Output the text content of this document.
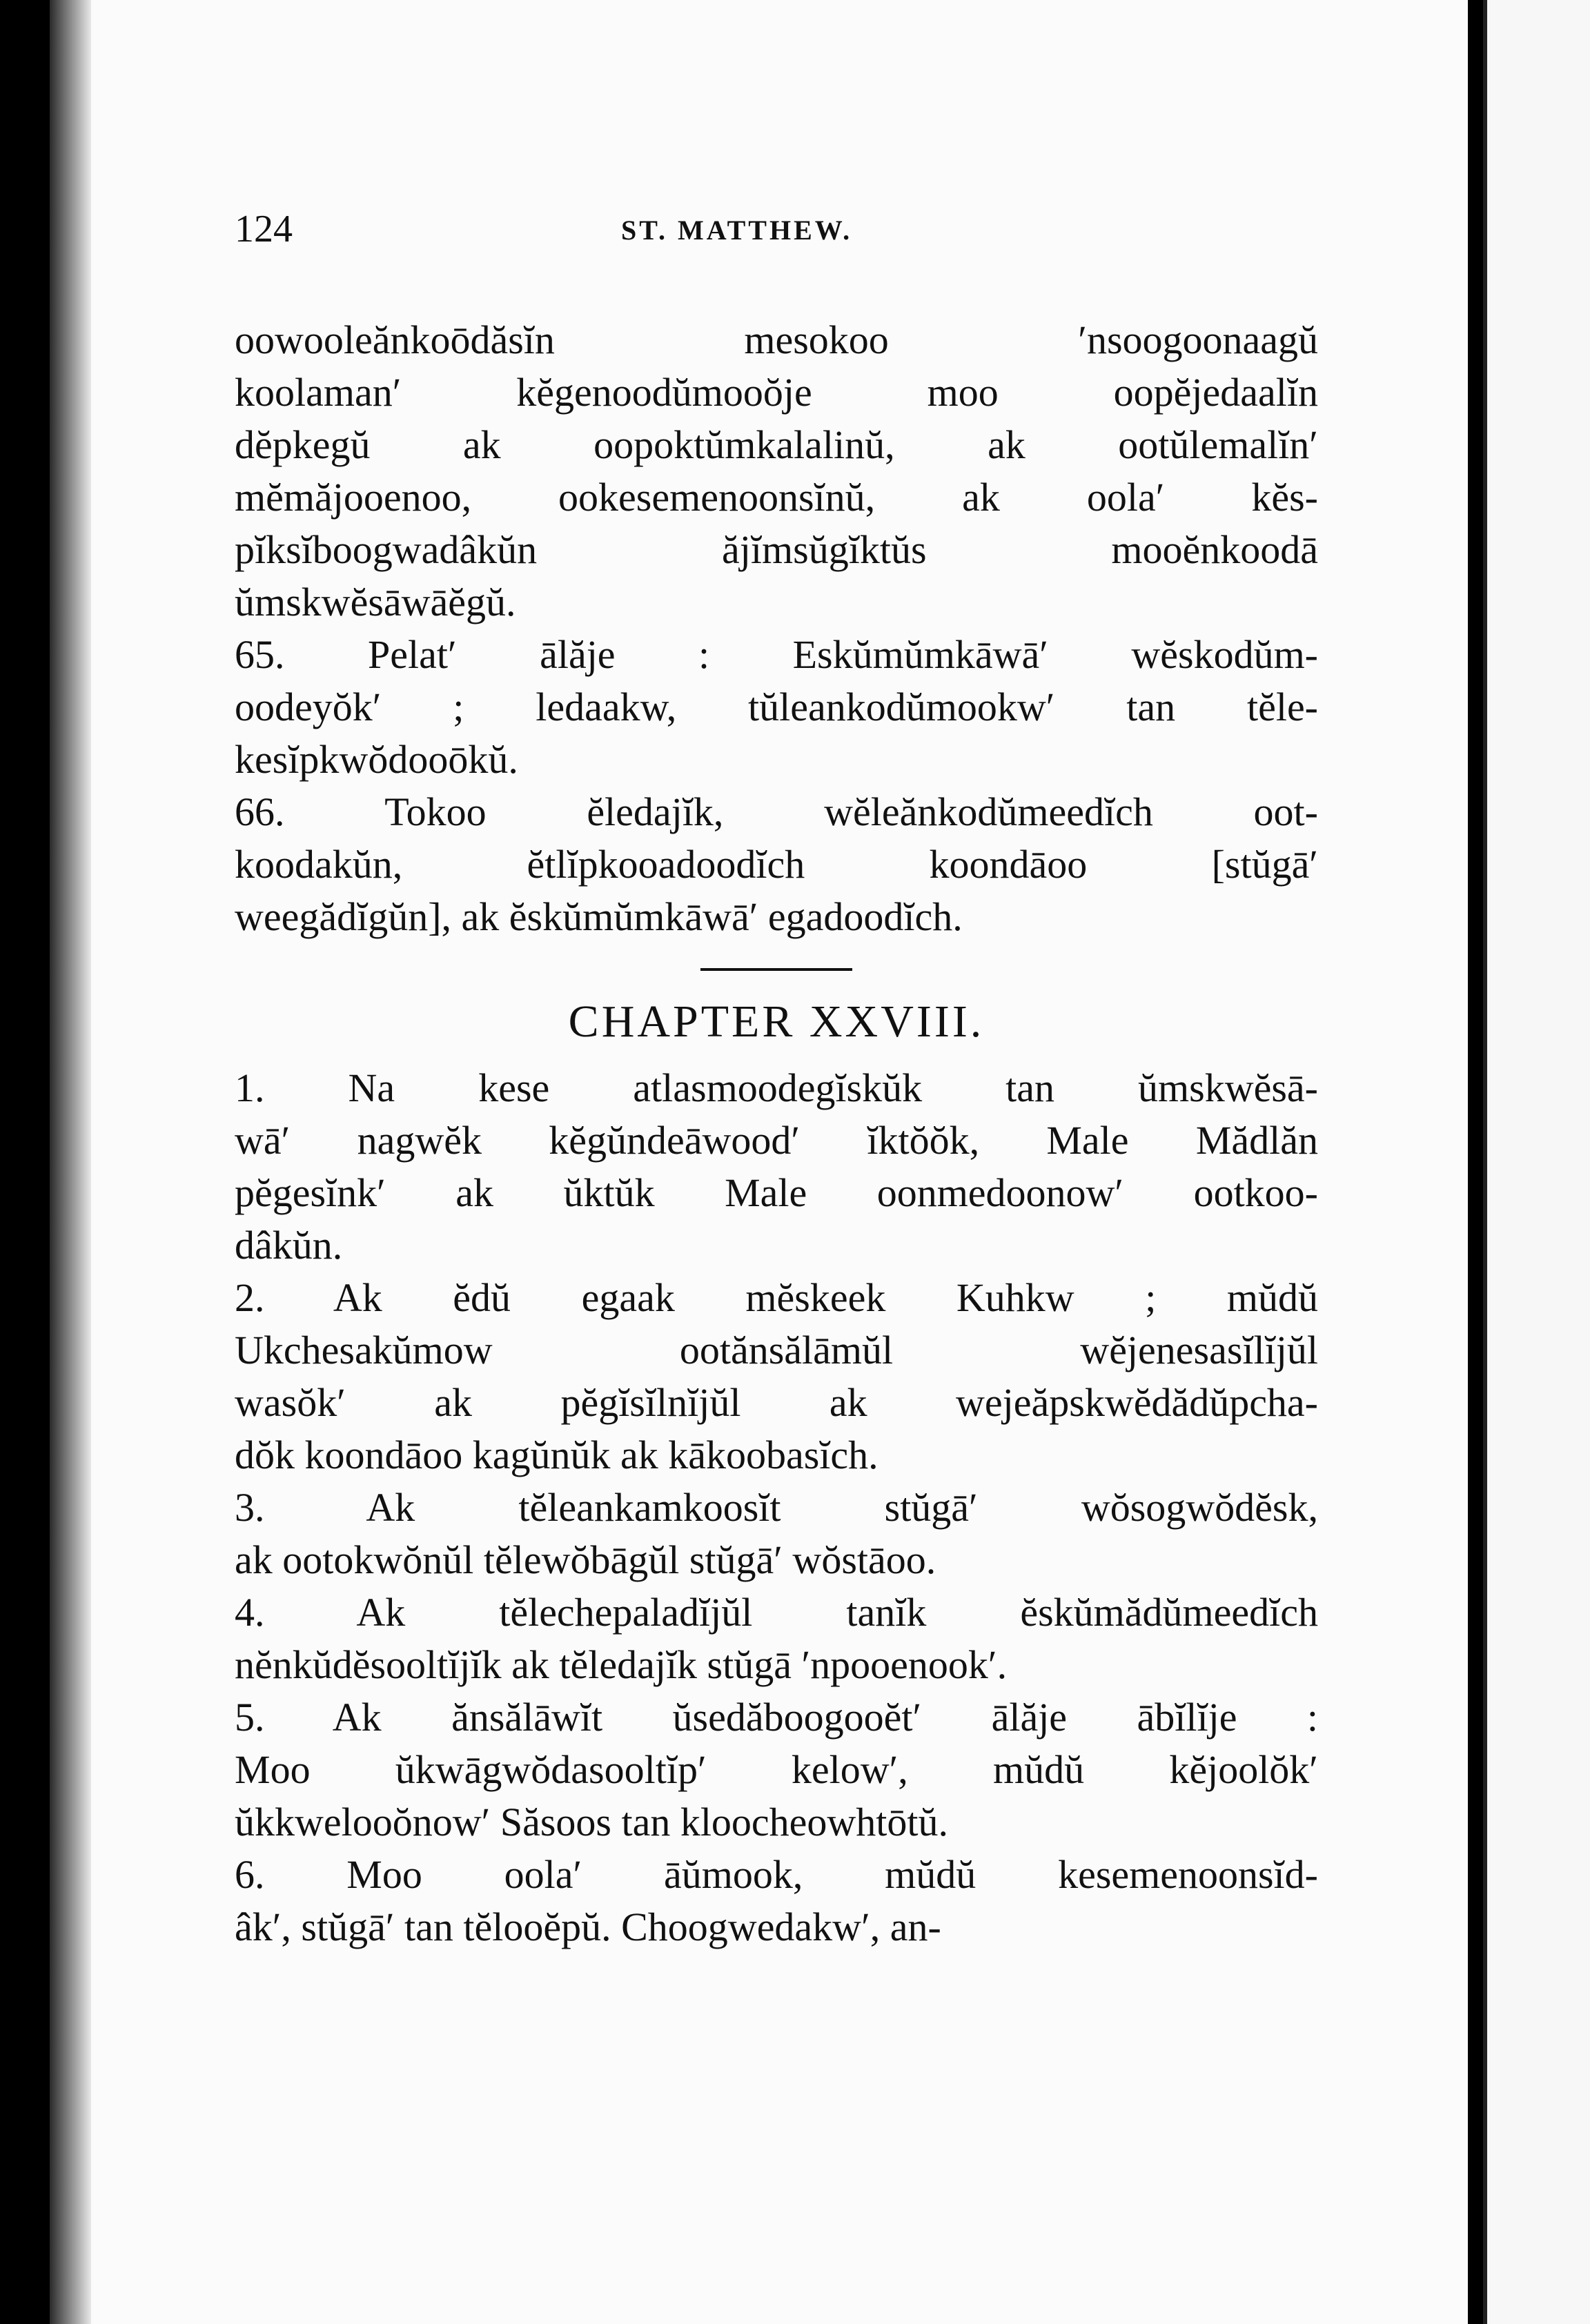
124	ST. MATTHEW.
oowooleănkoōdăsĭn mesokoo ′nsoogoonaagŭ
koolaman′ kĕgenoodŭmooŏje moo oopĕjedaalĭn
dĕpkegŭ ak oopoktŭmkalalinŭ, ak ootŭlemalĭn′
mĕmăjooenoo, ookesemenoonsĭnŭ, ak oola′ kĕs-
pĭksĭboogwadâkŭn ăjĭmsŭgĭktŭs mooĕnkoodā
ŭmskwĕsāwāĕgŭ.
65. Pelat′ ālăje : Eskŭmŭmkāwā′ wĕskodŭm-
oodeyŏk′ ; ledaakw, tŭleankodŭmookw′ tan tĕle-
kesĭpkwŏdooōkŭ.
66. Tokoo ĕledajĭk, wĕleănkodŭmeedĭch oot-
koodakŭn, ĕtlĭpkooadoodĭch koondāoo [stŭgā′
weegădĭgŭn], ak ĕskŭmŭmkāwā′ egadoodĭch.
CHAPTER XXVIII.
1. Na kese atlasmoodegĭskŭk tan ŭmskwĕsā-
wā′ nagwĕk kĕgŭndeāwood′ ĭktŏŏk, Male Mădlăn
pĕgesĭnk′ ak ŭktŭk Male oonmedoonow′ ootkoo-
dâkŭn.
2. Ak ĕdŭ egaak mĕskeek Kuhkw ; mŭdŭ
Ukchesakŭmow ootănsălāmŭl wĕjenesasĭlĭjŭl
wasŏk′ ak pĕgĭsĭlnĭjŭl ak wejeăpskwĕdădŭpcha-
dŏk koondāoo kagŭnŭk ak kākoobasĭch.
3. Ak tĕleankamkoosĭt stŭgā′ wŏsogwŏdĕsk,
ak ootokwŏnŭl tĕlewŏbāgŭl stŭgā′ wŏstāoo.
4. Ak tĕlechepaladĭjŭl tanĭk ĕskŭmădŭmeedĭch
nĕnkŭdĕsooltĭjĭk ak tĕledajĭk stŭgā ′npooenook′.
5. Ak ănsălāwĭt ŭsedăboogooĕt′ ālăje ābĭlĭje :
Moo ŭkwāgwŏdasooltĭp′ kelow′, mŭdŭ kĕjoolŏk′
ŭkkwelooŏnow′ Săsoos tan kloocheowhtōtŭ.
6. Moo oola′ āŭmook, mŭdŭ kesemenoonsĭd-
âk′, stŭgā′ tan tĕlooĕpŭ. Choogwedakw′, an-
